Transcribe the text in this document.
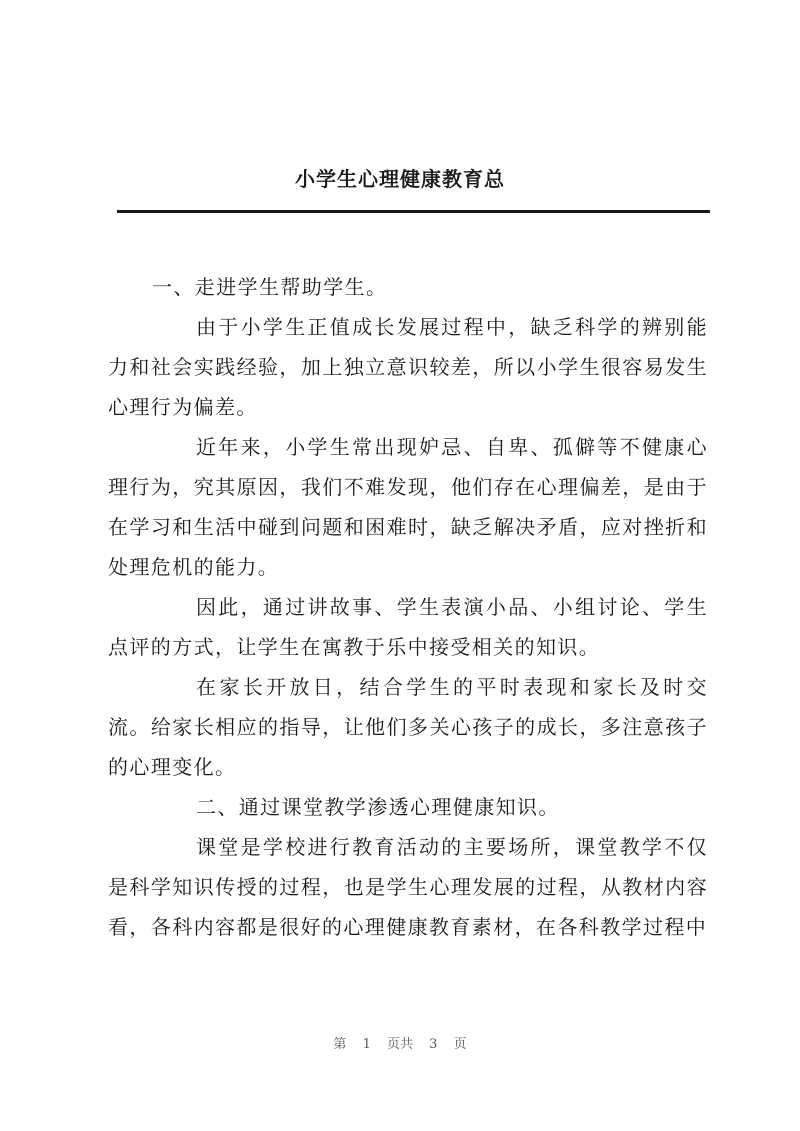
小学生心理健康教育总

一、走进学生帮助学生。

由于小学生正值成长发展过程中，缺乏科学的辨别能力和社会实践经验，加上独立意识较差，所以小学生很容易发生心理行为偏差。

近年来，小学生常出现妒忌、自卑、孤僻等不健康心理行为，究其原因，我们不难发现，他们存在心理偏差，是由于在学习和生活中碰到问题和困难时，缺乏解决矛盾，应对挫折和处理危机的能力。

因此，通过讲故事、学生表演小品、小组讨论、学生点评的方式，让学生在寓教于乐中接受相关的知识。

在家长开放日，结合学生的平时表现和家长及时交流。给家长相应的指导，让他们多关心孩子的成长，多注意孩子的心理变化。

二、通过课堂教学渗透心理健康知识。

课堂是学校进行教育活动的主要场所，课堂教学不仅是科学知识传授的过程，也是学生心理发展的过程，从教材内容看，各科内容都是很好的心理健康教育素材，在各科教学过程中

第 1 页共 3 页
